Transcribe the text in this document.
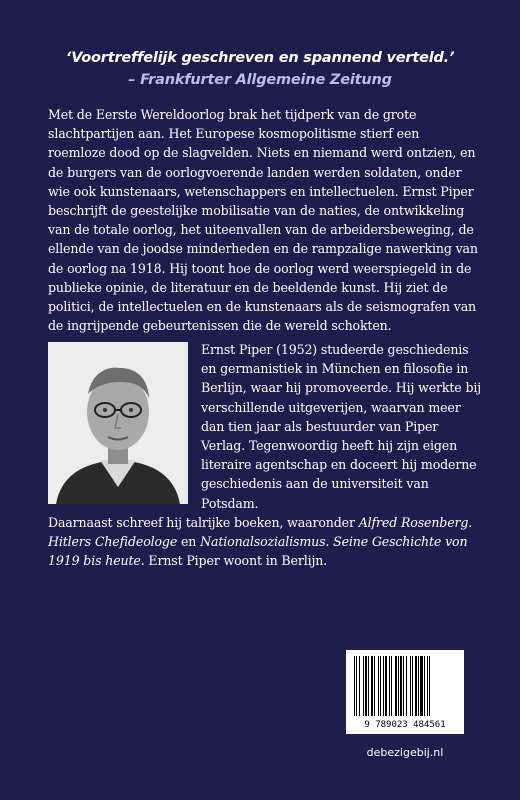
‘Voortreffelijk geschreven en spannend verteld.’
– Frankfurter Allgemeine Zeitung

Met de Eerste Wereldoorlog brak het tijdperk van de grote slachtpartijen aan. Het Europese kosmopolitisme stierf een roemloze dood op de slagvelden. Niets en niemand werd ontzien, en de burgers van de oorlogvoerende landen werden soldaten, onder wie ook kunstenaars, wetenschappers en intellectuelen. Ernst Piper beschrijft de geestelijke mobilisatie van de naties, de ontwikkeling van de totale oorlog, het uiteenvallen van de arbeidersbeweging, de ellende van de joodse minderheden en de rampzalige nawerking van de oorlog na 1918. Hij toont hoe de oorlog werd weerspiegeld in de publieke opinie, de literatuur en de beeldende kunst. Hij ziet de politici, de intellectuelen en de kunstenaars als de seismografen van de ingrijpende gebeurtenissen die de wereld schokten.

Ernst Piper (1952) studeerde geschiedenis en germanistiek in München en filosofie in Berlijn, waar hij promoveerde. Hij werkte bij verschillende uitgeverijen, waarvan meer dan tien jaar als bestuurder van Piper Verlag. Tegenwoordig heeft hij zijn eigen literaire agentschap en doceert hij moderne geschiedenis aan de universiteit van Potsdam.

Daarnaast schreef hij talrijke boeken, waaronder Alfred Rosenberg. Hitlers Chefideologe en Nationalsozialismus. Seine Geschichte von 1919 bis heute. Ernst Piper woont in Berlijn.

9 789023 484561
debezigebij.nl
